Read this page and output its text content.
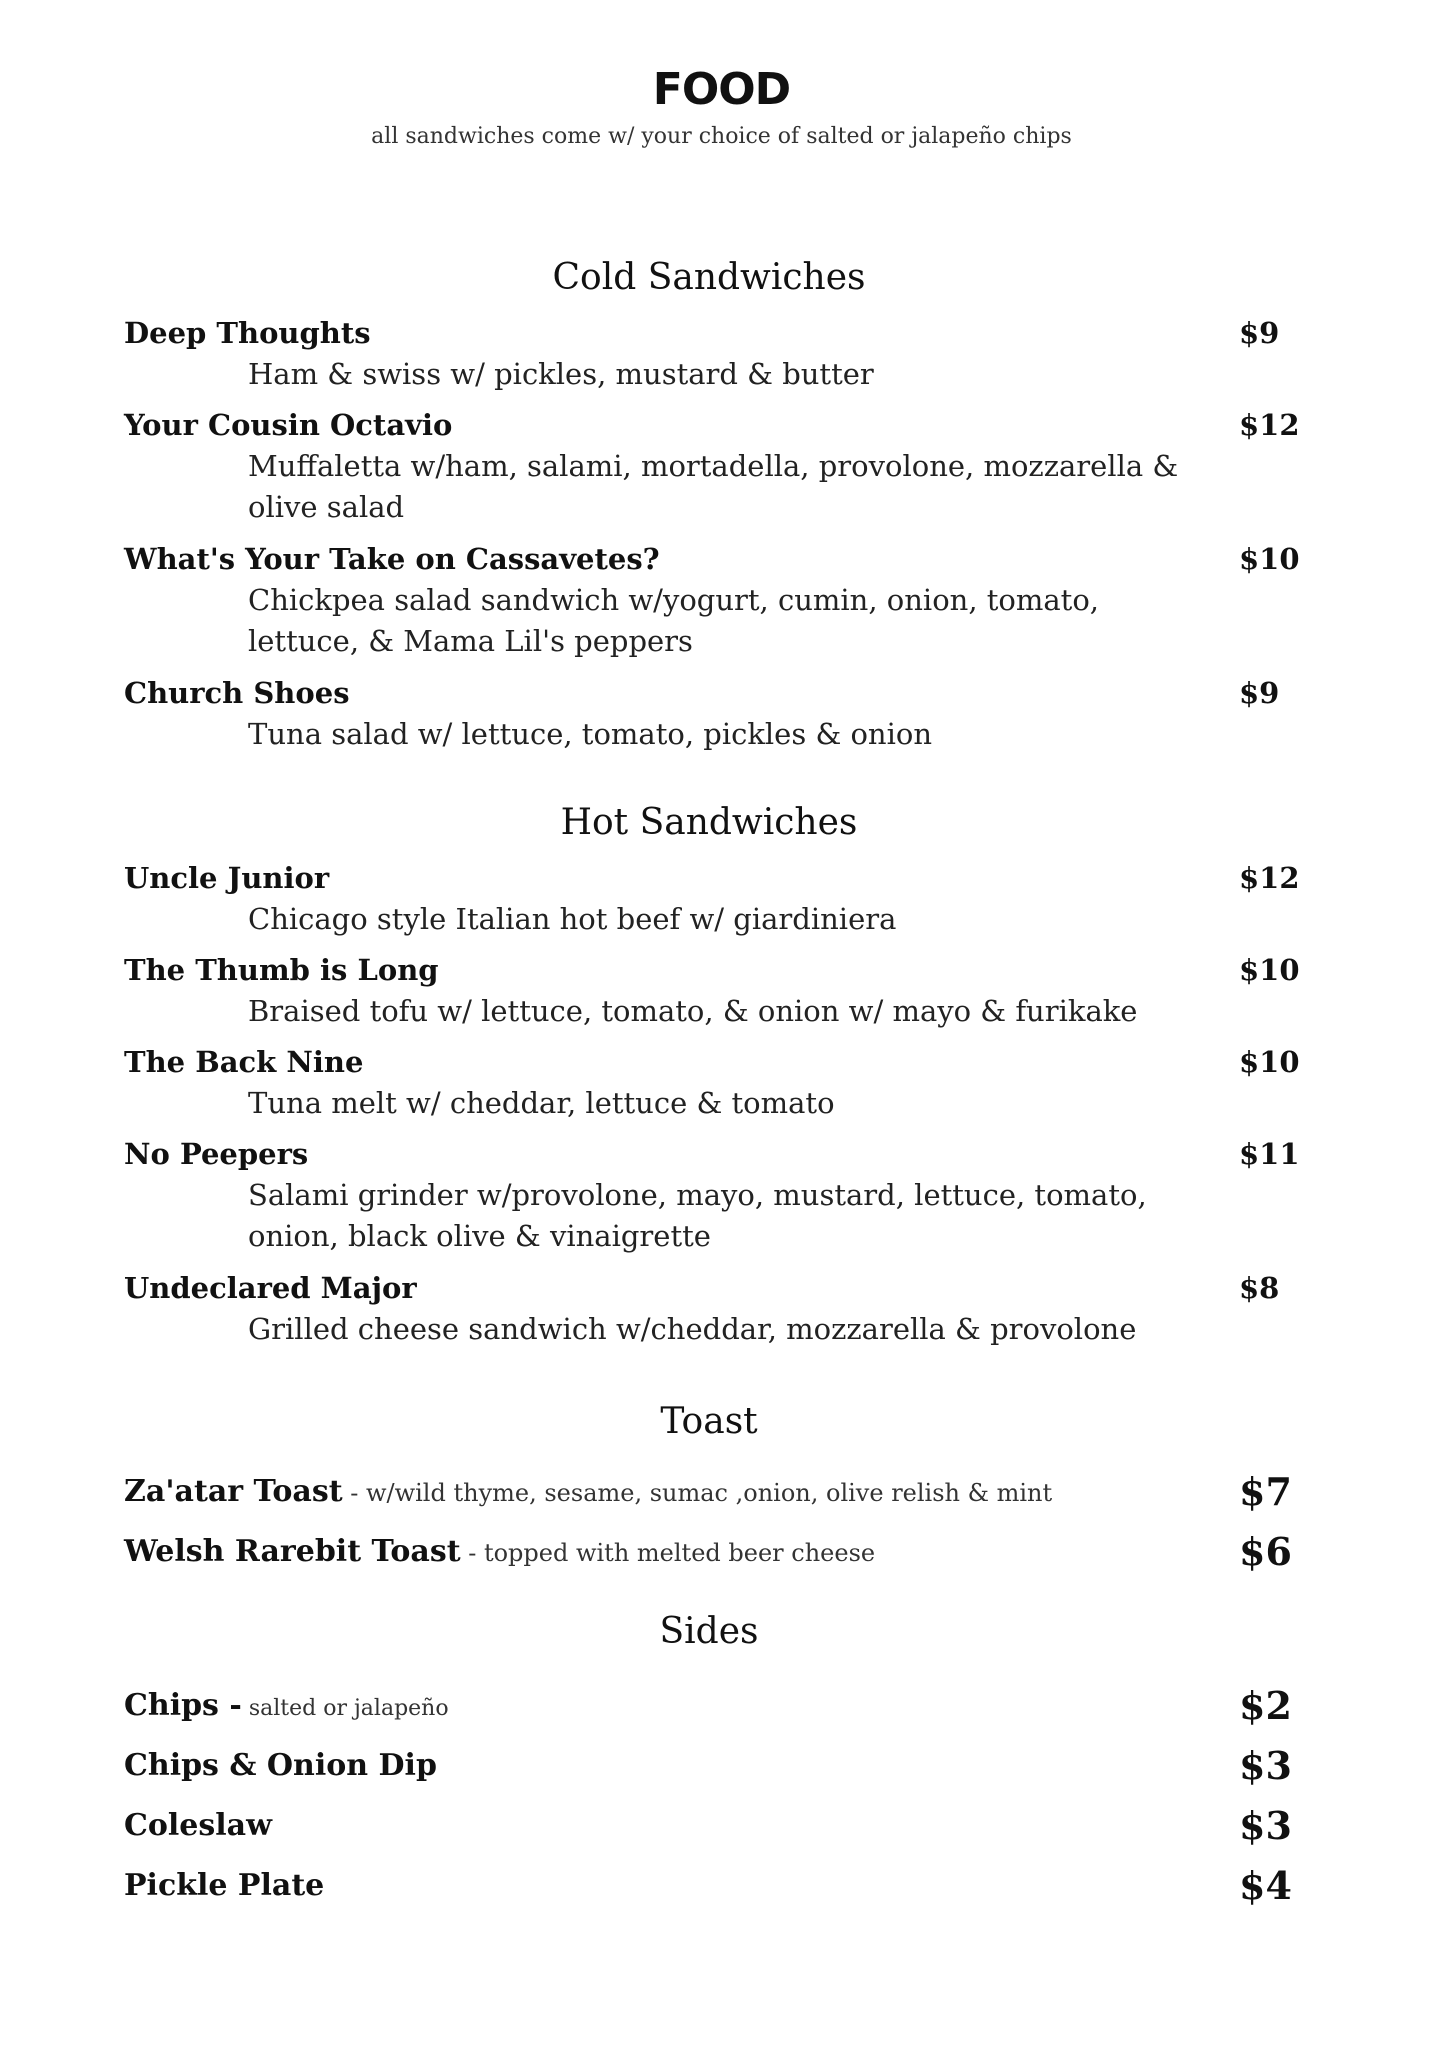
FOOD

all sandwiches come w/ your choice of salted or jalapeño chips

Cold Sandwiches
Deep Thoughts
Ham & swiss w/ pickles, mustard & butter
$9
Your Cousin Octavio
Muffaletta w/ham, salami, mortadella, provolone, mozzarella & olive salad
$12
What's Your Take on Cassavetes?
Chickpea salad sandwich w/yogurt, cumin, onion, tomato, lettuce, & Mama Lil's peppers
$10
Church Shoes
Tuna salad w/ lettuce, tomato, pickles & onion
$9
Hot Sandwiches
Uncle Junior
Chicago style Italian hot beef w/ giardiniera
$12
The Thumb is Long
Braised tofu w/ lettuce, tomato, & onion w/ mayo & furikake
$10
The Back Nine
Tuna melt w/ cheddar, lettuce & tomato
$10
No Peepers
Salami grinder w/provolone, mayo, mustard, lettuce, tomato, onion, black olive & vinaigrette
$11
Undeclared Major
Grilled cheese sandwich w/cheddar, mozzarella & provolone
$8
Toast
Za'atar Toast - w/wild thyme, sesame, sumac ,onion, olive relish & mint	$7
Welsh Rarebit Toast - topped with melted beer cheese	$6
Sides
Chips - salted or jalapeño	$2
Chips & Onion Dip	$3
Coleslaw	$3
Pickle Plate	$4
